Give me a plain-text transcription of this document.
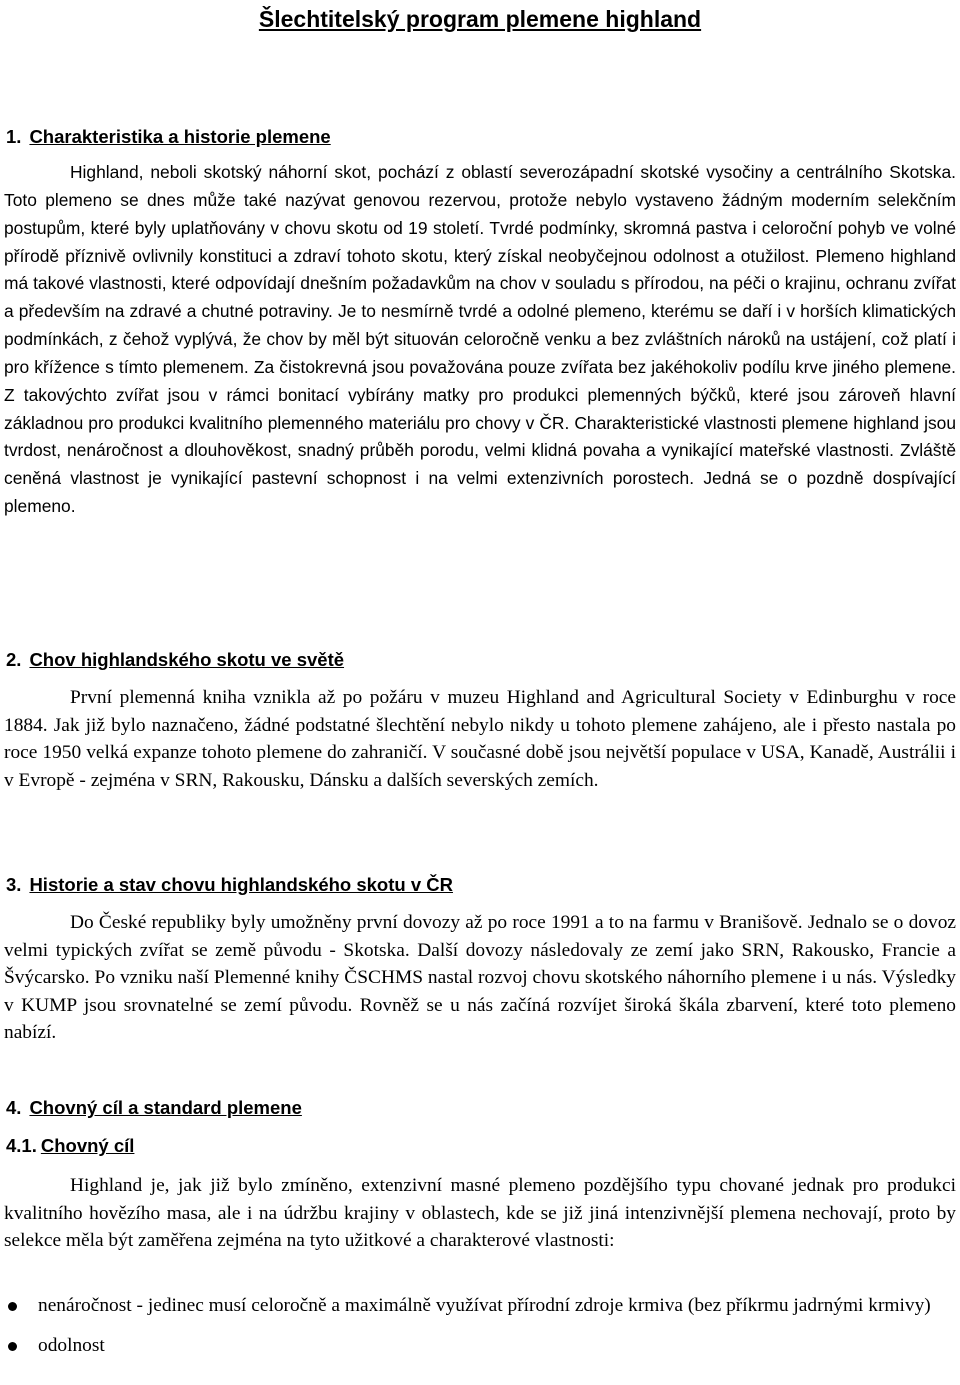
Šlechtitelský program plemene highland
1. Charakteristika a historie plemene

Highland, neboli skotský náhorní skot, pochází z oblastí severozápadní skotské vysočiny a centrálního Skotska. Toto plemeno se dnes může také nazývat genovou rezervou, protože nebylo vystaveno žádným moderním selekčním postupům, které byly uplatňovány v chovu skotu od 19 století. Tvrdé podmínky, skromná pastva i celoroční pohyb ve volné přírodě příznivě ovlivnily konstituci a zdraví tohoto skotu, který získal neobyčejnou odolnost a otužilost. Plemeno highland má takové vlastnosti, které odpovídají dnešním požadavkům na chov v souladu s přírodou, na péči o krajinu, ochranu zvířat a především na zdravé a chutné potraviny. Je to nesmírně tvrdé a odolné plemeno, kterému se daří i v horších klimatických podmínkách, z čehož vyplývá, že chov by měl být situován celoročně venku a bez zvláštních nároků na ustájení, což platí i pro křížence s tímto plemenem. Za čistokrevná jsou považována pouze zvířata bez jakéhokoliv podílu krve jiného plemene. Z takovýchto zvířat jsou v rámci bonitací vybírány matky pro produkci plemenných býčků, které jsou zároveň hlavní základnou pro produkci kvalitního plemenného materiálu pro chovy v ČR. Charakteristické vlastnosti plemene highland jsou tvrdost, nenáročnost a dlouhověkost, snadný průběh porodu, velmi klidná povaha a vynikající mateřské vlastnosti. Zvláště ceněná vlastnost je vynikající pastevní schopnost i na velmi extenzivních porostech. Jedná se o pozdně dospívající plemeno.

2. Chov highlandského skotu ve světě

První plemenná kniha vznikla až po požáru v muzeu Highland and Agricultural Society v Edinburghu v roce 1884. Jak již bylo naznačeno, žádné podstatné šlechtění nebylo nikdy u tohoto plemene zahájeno, ale i přesto nastala po roce 1950 velká expanze tohoto plemene do zahraničí. V současné době jsou největší populace v USA, Kanadě, Austrálii i v Evropě - zejména v SRN, Rakousku, Dánsku a dalších severských zemích.

3. Historie a stav chovu highlandského skotu v ČR

Do České republiky byly umožněny první dovozy až po roce 1991 a to na farmu v Branišově. Jednalo se o dovoz velmi typických zvířat se země původu - Skotska. Další dovozy následovaly ze zemí jako SRN, Rakousko, Francie a Švýcarsko. Po vzniku naší Plemenné knihy ČSCHMS nastal rozvoj chovu skotského náhorního plemene i u nás. Výsledky v KUMP jsou srovnatelné se zemí původu. Rovněž se u nás začíná rozvíjet široká škála zbarvení, které toto plemeno nabízí.

4. Chovný cíl a standard plemene
4.1. Chovný cíl

Highland je, jak již bylo zmíněno, extenzivní masné plemeno pozdějšího typu chované jednak pro produkci kvalitního hovězího masa, ale i na údržbu krajiny v oblastech, kde se již jiná intenzivnější plemena nechovají, proto by selekce měla být zaměřena zejména na tyto užitkové a charakterové vlastnosti:

nenáročnost - jedinec musí celoročně a maximálně využívat přírodní zdroje krmiva (bez příkrmu jadrnými krmivy)
odolnost
